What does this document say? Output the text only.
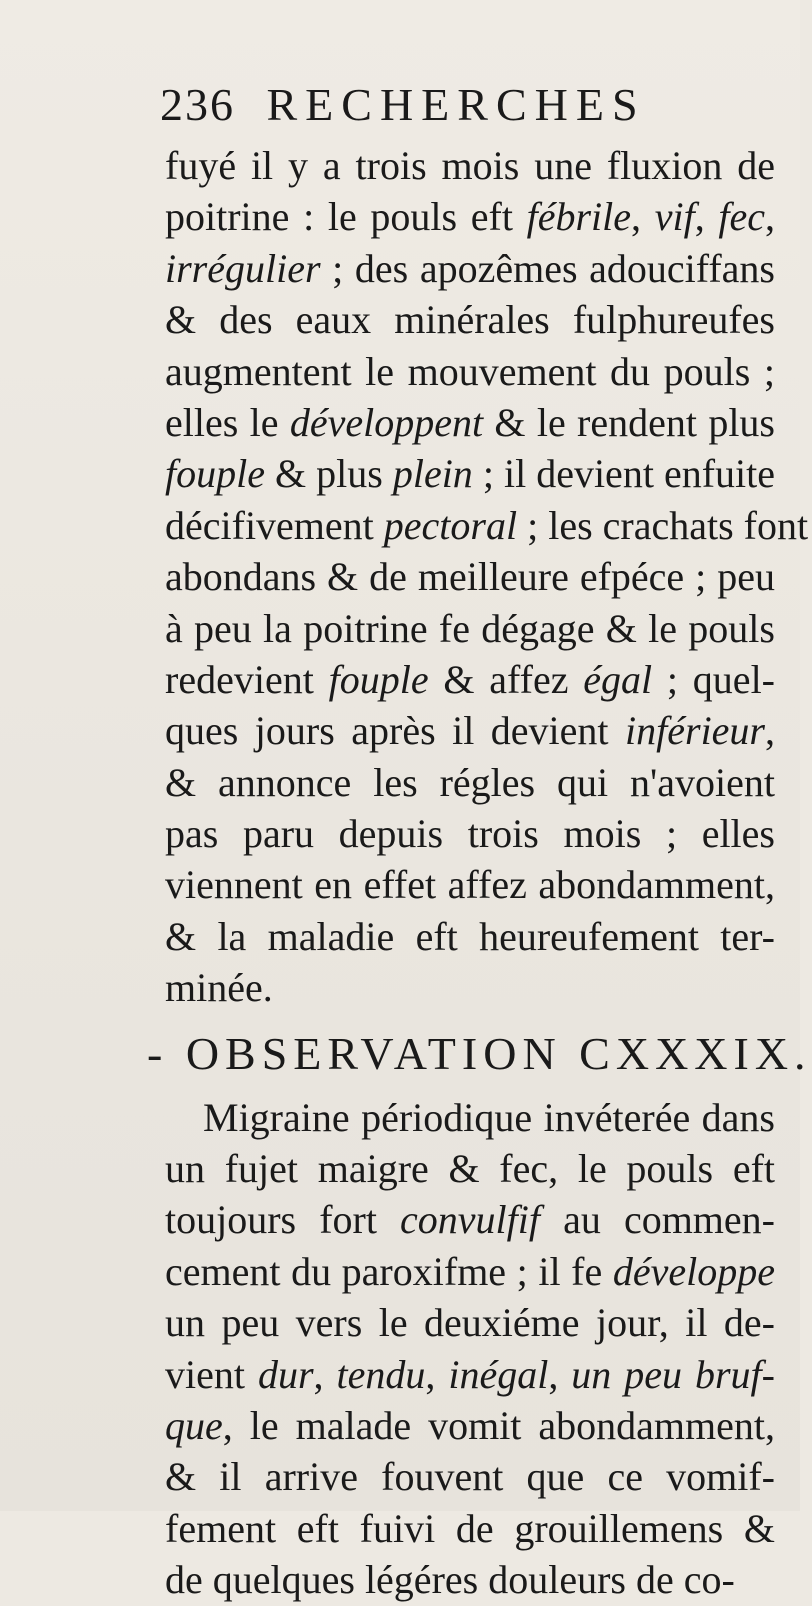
236 RECHERCHES
fuyé il y a trois mois une fluxion de
poitrine : le pouls eft fébrile, vif, fec,
irrégulier ; des apozêmes adouciffans
& des eaux minérales fulphureufes
augmentent le mouvement du pouls ;
elles le développent & le rendent plus
fouple & plus plein ; il devient enfuite
décifivement pectoral ; les crachats font
abondans & de meilleure efpéce ; peu
à peu la poitrine fe dégage & le pouls
redevient fouple & affez égal ; quel-
ques jours après il devient inférieur,
& annonce les régles qui n'avoient
pas paru depuis trois mois ; elles
viennent en effet affez abondamment,
& la maladie eft heureufement ter-
minée.
- OBSERVATION CXXXIX.
Migraine périodique invéterée dans
un fujet maigre & fec, le pouls eft
toujours fort convulfif au commen-
cement du paroxifme ; il fe développe
un peu vers le deuxiéme jour, il de-
vient dur, tendu, inégal, un peu bruf-
que, le malade vomit abondamment,
& il arrive fouvent que ce vomif-
fement eft fuivi de grouillemens &
de quelques légéres douleurs de co-
